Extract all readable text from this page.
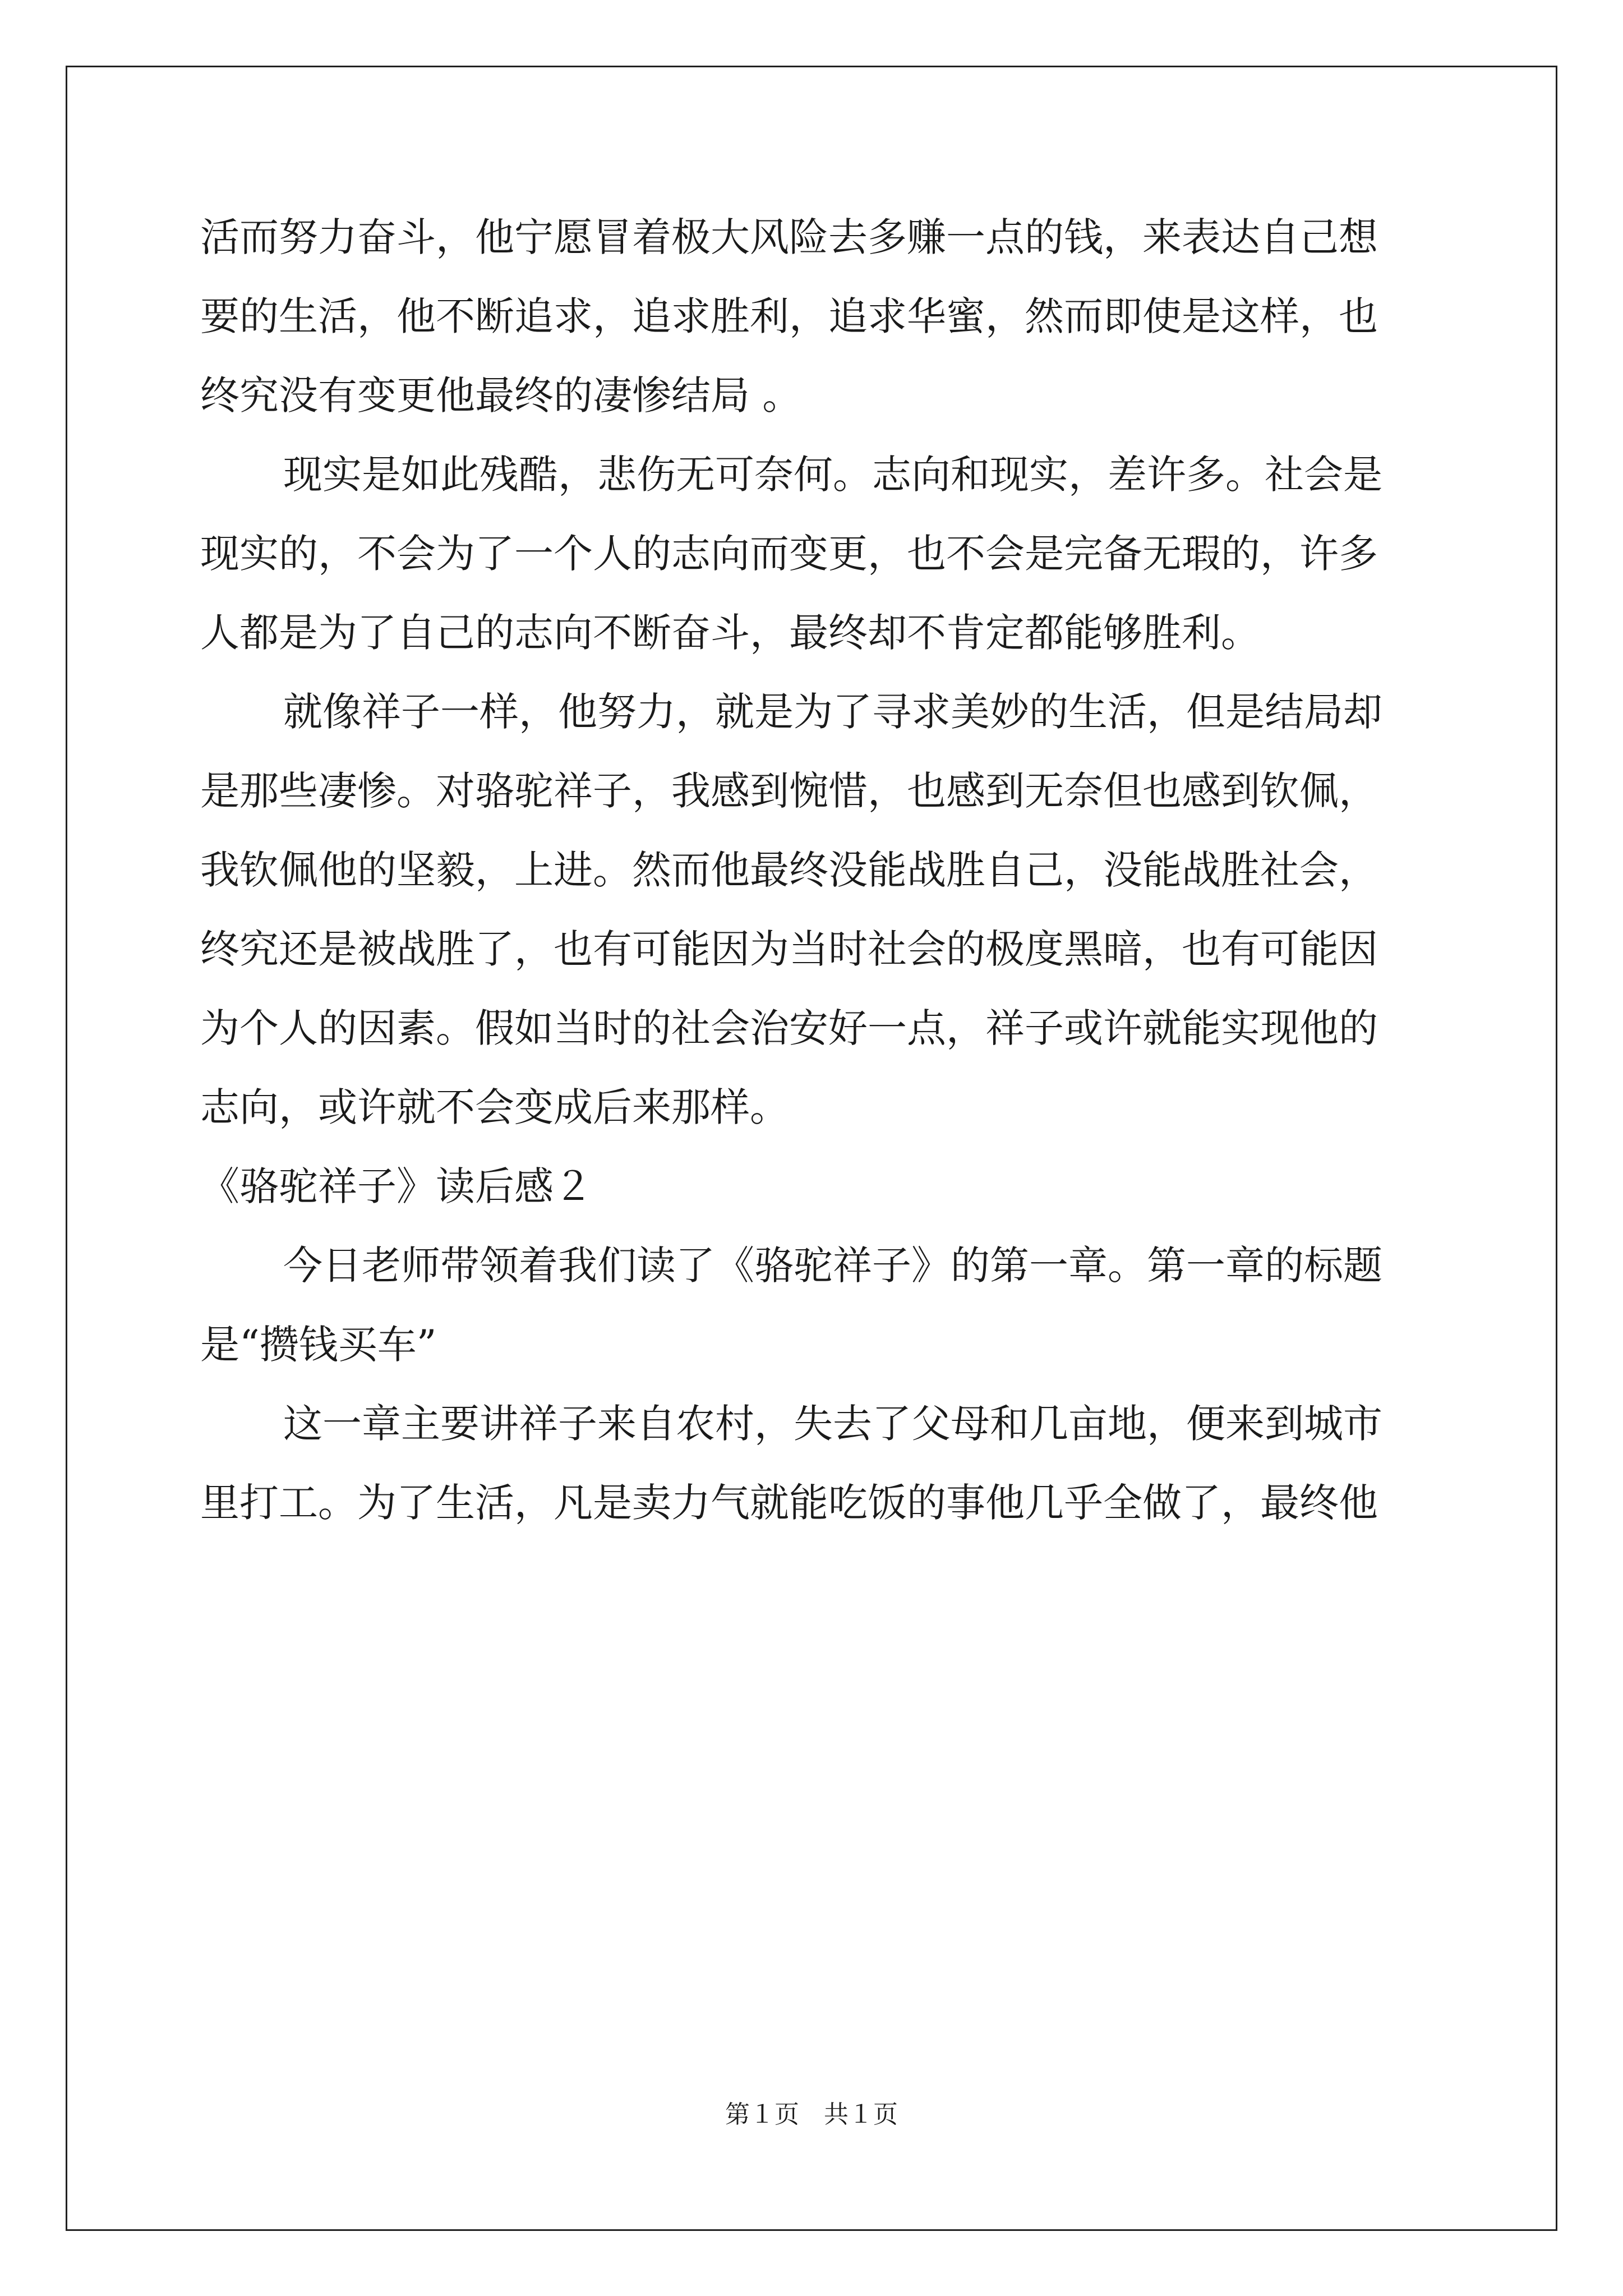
活而努力奋斗，他宁愿冒着极大风险去多赚一点的钱，来表达自己想
要的生活，他不断追求，追求胜利，追求华蜜，然而即使是这样，也
终究没有变更他最终的凄惨结局 。
现实是如此残酷，悲伤无可奈何。志向和现实，差许多。社会是
现实的，不会为了一个人的志向而变更，也不会是完备无瑕的，许多
人都是为了自己的志向不断奋斗，最终却不肯定都能够胜利。
就像祥子一样，他努力，就是为了寻求美妙的生活，但是结局却
是那些凄惨。对骆驼祥子，我感到惋惜，也感到无奈但也感到钦佩，
我钦佩他的坚毅，上进。然而他最终没能战胜自己，没能战胜社会，
终究还是被战胜了，也有可能因为当时社会的极度黑暗，也有可能因
为个人的因素。假如当时的社会治安好一点，祥子或许就能实现他的
志向，或许就不会变成后来那样。
《骆驼祥子》读后感２
今日老师带领着我们读了《骆驼祥子》的第一章。第一章的标题
是“攒钱买车”
这一章主要讲祥子来自农村，失去了父母和几亩地，便来到城市
里打工。为了生活，凡是卖力气就能吃饭的事他几乎全做了，最终他
第１页　共１页
